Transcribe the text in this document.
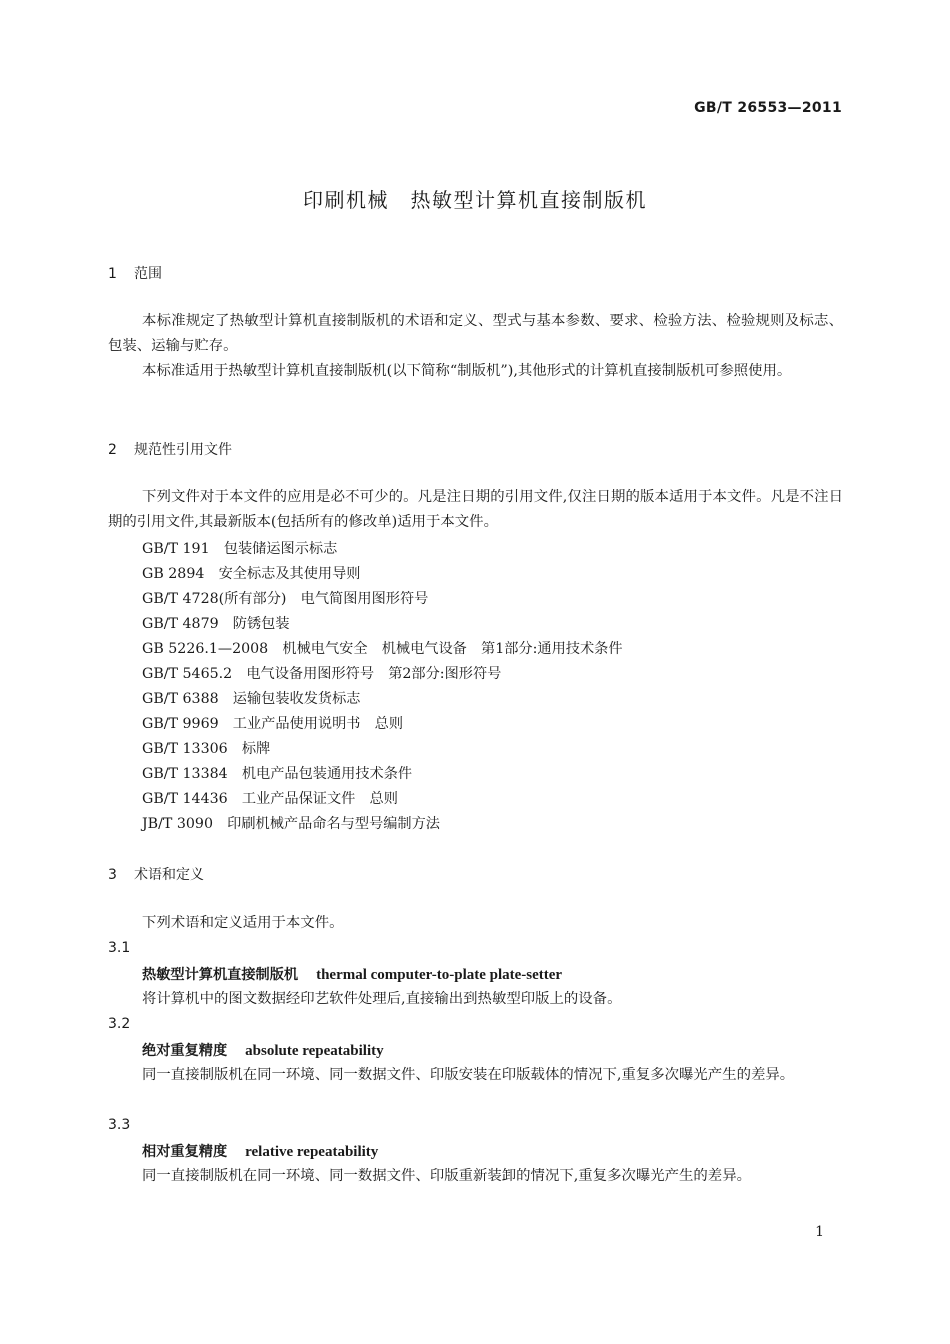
GB/T 26553—2011
印刷机械　热敏型计算机直接制版机
1 范围
本标准规定了热敏型计算机直接制版机的术语和定义、型式与基本参数、要求、检验方法、检验规则及标志、包装、运输与贮存。
本标准适用于热敏型计算机直接制版机(以下简称“制版机”),其他形式的计算机直接制版机可参照使用。
2 规范性引用文件
下列文件对于本文件的应用是必不可少的。凡是注日期的引用文件,仅注日期的版本适用于本文件。凡是不注日期的引用文件,其最新版本(包括所有的修改单)适用于本文件。
GB/T 191　包装储运图示标志
GB 2894　安全标志及其使用导则
GB/T 4728(所有部分)　电气简图用图形符号
GB/T 4879　防锈包装
GB 5226.1—2008　机械电气安全　机械电气设备　第1部分:通用技术条件
GB/T 5465.2　电气设备用图形符号　第2部分:图形符号
GB/T 6388　运输包装收发货标志
GB/T 9969　工业产品使用说明书　总则
GB/T 13306　标牌
GB/T 13384　机电产品包装通用技术条件
GB/T 14436　工业产品保证文件　总则
JB/T 3090　印刷机械产品命名与型号编制方法
3 术语和定义
下列术语和定义适用于本文件。
3.1
热敏型计算机直接制版机 thermal computer-to-plate plate-setter
将计算机中的图文数据经印艺软件处理后,直接输出到热敏型印版上的设备。
3.2
绝对重复精度 absolute repeatability
同一直接制版机在同一环境、同一数据文件、印版安装在印版载体的情况下,重复多次曝光产生的差异。
3.3
相对重复精度 relative repeatability
同一直接制版机在同一环境、同一数据文件、印版重新装卸的情况下,重复多次曝光产生的差异。
1
